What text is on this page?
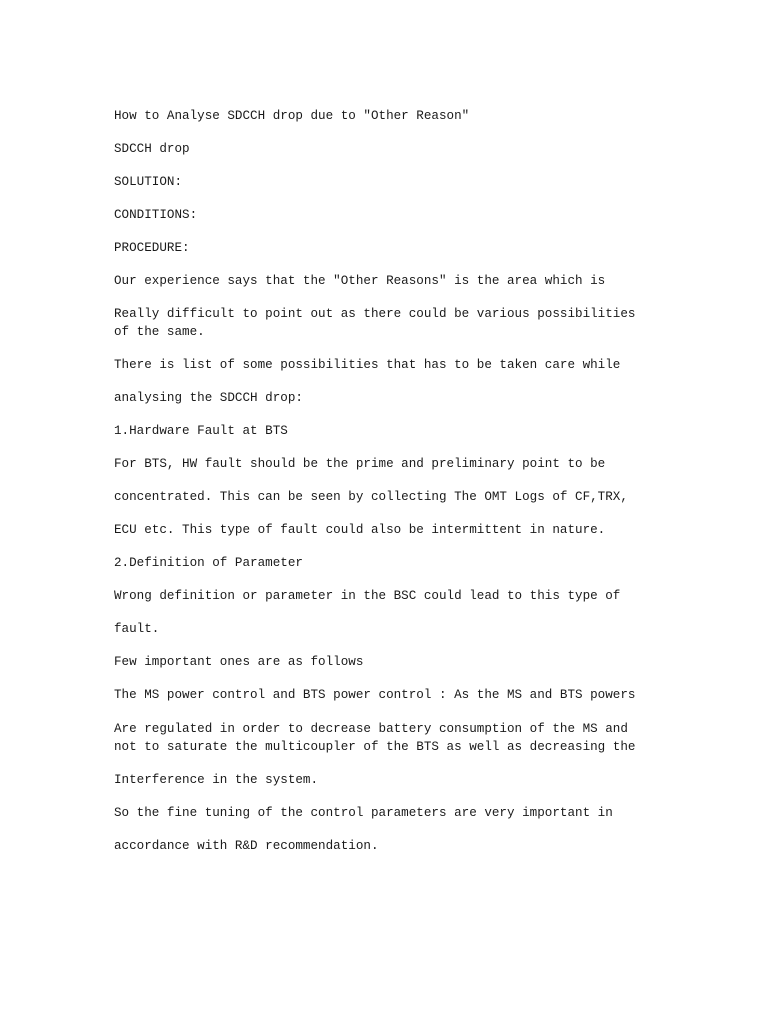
How to Analyse SDCCH drop due to "Other Reason"

SDCCH drop

SOLUTION:

CONDITIONS:

PROCEDURE:

Our experience says that the "Other Reasons" is the area which is

Really difficult to point out as there could be various possibilities

of the same.

There is list of some possibilities that has to be taken care while

analysing the SDCCH drop:

1.Hardware Fault at BTS

For BTS, HW fault should be the prime and preliminary point to be

concentrated. This can be seen by collecting The OMT Logs of CF,TRX,

ECU etc. This type of fault could also be intermittent in nature.

2.Definition of Parameter

Wrong definition or parameter in the BSC could lead to this type of

fault.

Few important ones are as follows

The MS power control and BTS power control : As the MS and BTS powers

Are regulated in order to decrease battery consumption of the MS and

not to saturate the multicoupler of the BTS as well as decreasing the

Interference in the system.

So the fine tuning of the control parameters are very important in

accordance with R&D recommendation.
